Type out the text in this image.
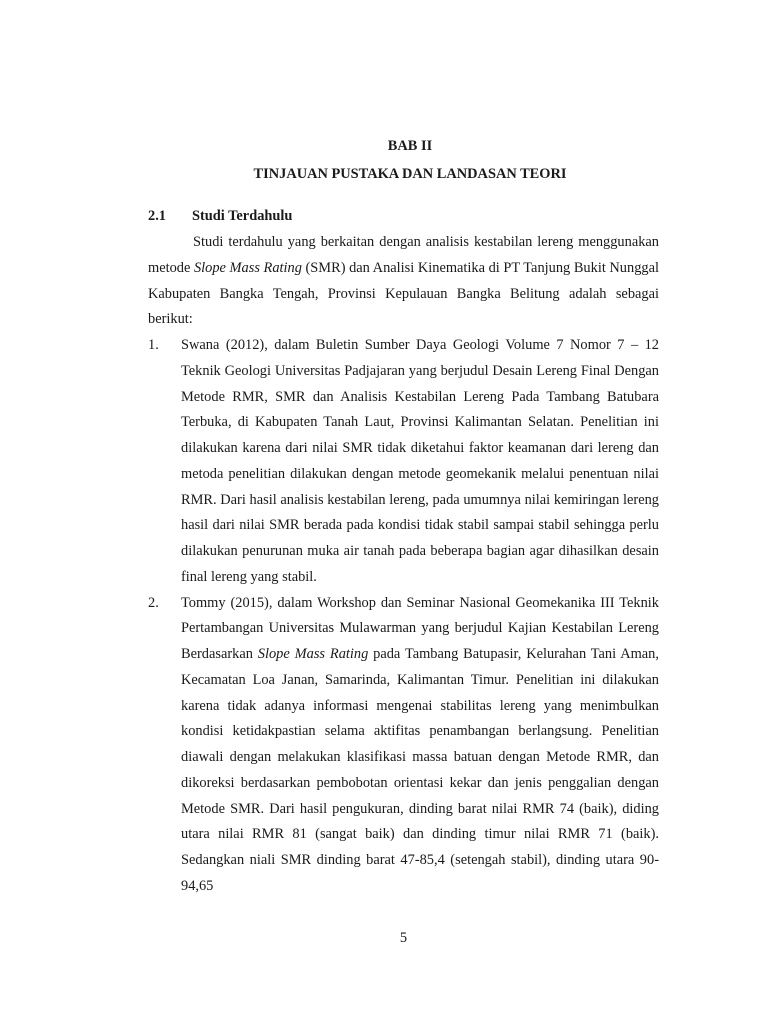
BAB II
TINJAUAN PUSTAKA DAN LANDASAN TEORI
2.1 Studi Terdahulu

Studi terdahulu yang berkaitan dengan analisis kestabilan lereng menggunakan metode Slope Mass Rating (SMR) dan Analisi Kinematika di PT Tanjung Bukit Nunggal Kabupaten Bangka Tengah, Provinsi Kepulauan Bangka Belitung adalah sebagai berikut:

1. Swana (2012), dalam Buletin Sumber Daya Geologi Volume 7 Nomor 7 – 12 Teknik Geologi Universitas Padjajaran yang berjudul Desain Lereng Final Dengan Metode RMR, SMR dan Analisis Kestabilan Lereng Pada Tambang Batubara Terbuka, di Kabupaten Tanah Laut, Provinsi Kalimantan Selatan. Penelitian ini dilakukan karena dari nilai SMR tidak diketahui faktor keamanan dari lereng dan metoda penelitian dilakukan dengan metode geomekanik melalui penentuan nilai RMR. Dari hasil analisis kestabilan lereng, pada umumnya nilai kemiringan lereng hasil dari nilai SMR berada pada kondisi tidak stabil sampai stabil sehingga perlu dilakukan penurunan muka air tanah pada beberapa bagian agar dihasilkan desain final lereng yang stabil.
2. Tommy (2015), dalam Workshop dan Seminar Nasional Geomekanika III Teknik Pertambangan Universitas Mulawarman yang berjudul Kajian Kestabilan Lereng Berdasarkan Slope Mass Rating pada Tambang Batupasir, Kelurahan Tani Aman, Kecamatan Loa Janan, Samarinda, Kalimantan Timur. Penelitian ini dilakukan karena tidak adanya informasi mengenai stabilitas lereng yang menimbulkan kondisi ketidakpastian selama aktifitas penambangan berlangsung. Penelitian diawali dengan melakukan klasifikasi massa batuan dengan Metode RMR, dan dikoreksi berdasarkan pembobotan orientasi kekar dan jenis penggalian dengan Metode SMR. Dari hasil pengukuran, dinding barat nilai RMR 74 (baik), diding utara nilai RMR 81 (sangat baik) dan dinding timur nilai RMR 71 (baik). Sedangkan niali SMR dinding barat 47-85,4 (setengah stabil), dinding utara 90- 94,65
5
